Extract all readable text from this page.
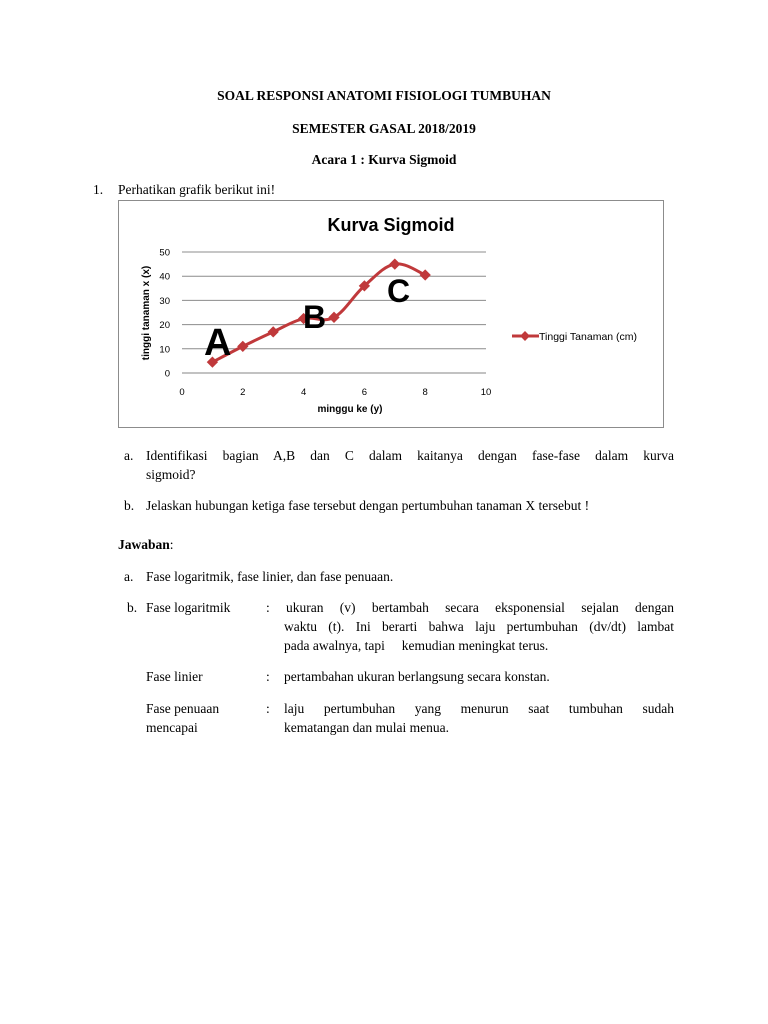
SOAL RESPONSI ANATOMI FISIOLOGI TUMBUHAN
SEMESTER GASAL 2018/2019
Acara 1 : Kurva Sigmoid
1. Perhatikan grafik berikut ini!
Kurva Sigmoid
0
10
20
30
40
50
0	2	4	6	8	10
minggu ke (y)
tinggi tanaman x (x)	Tinggi Tanaman (cm)
A
B
C
a. Identifikasi bagian A,B dan C dalam kaitanya dengan fase-fase dalam kurva
sigmoid?
b. Jelaskan hubungan ketiga fase tersebut dengan pertumbuhan tanaman X tersebut !
Jawaban:
a. Fase logaritmik, fase linier, dan fase penuaan.
b. Fase logaritmik	: ukuran (v) bertambah secara eksponensial sejalan dengan
waktu (t). Ini berarti bahwa laju pertumbuhan (dv/dt) lambat
pada awalnya, tapi     kemudian meningkat terus.
Fase linier	: pertambahan ukuran berlangsung secara konstan.
Fase penuaan
mencapai
: laju pertumbuhan yang menurun saat tumbuhan sudah
kematangan dan mulai menua.
